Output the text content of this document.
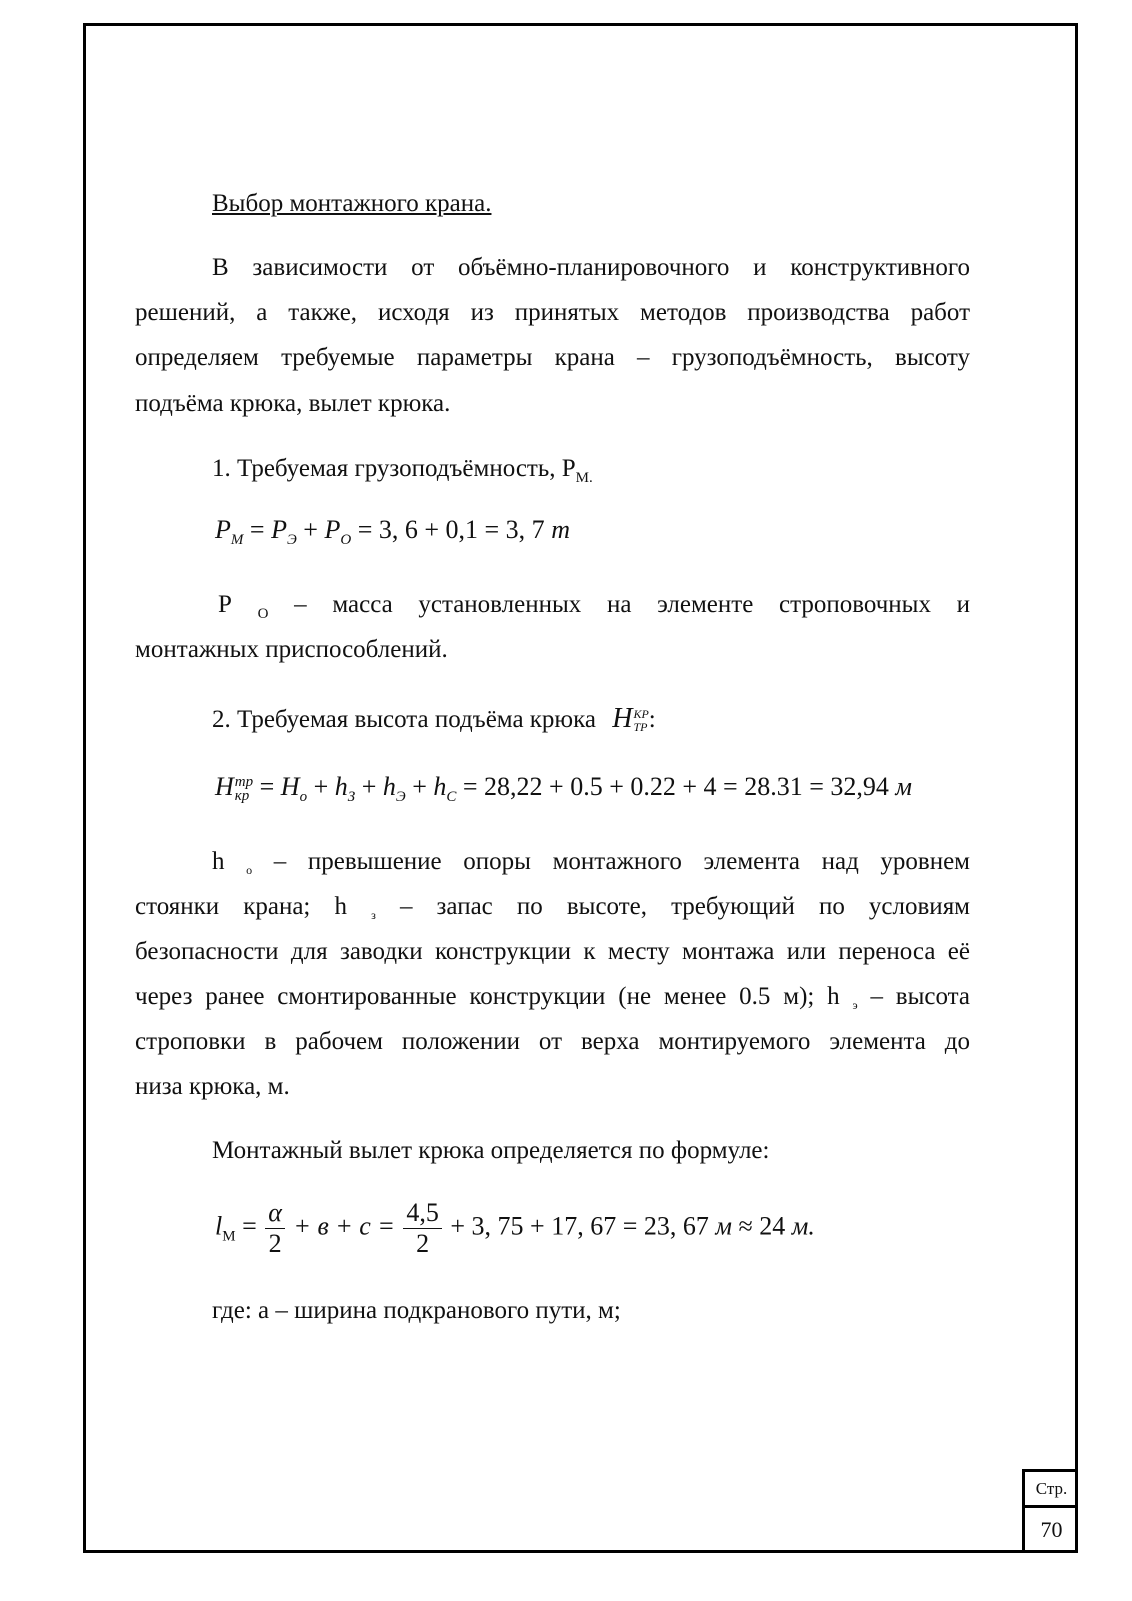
Выбор монтажного крана.
В зависимости от объёмно-планировочного и конструктивного
решений, а также, исходя из принятых методов производства работ
определяем требуемые параметры крана – грузоподъёмность, высоту
подъёма крюка, вылет крюка.
1. Требуемая грузоподъёмность, $Р_{М.}$
$P_M = P_Э + P_O = 3$, 6 + 0,1 = 3, 7 т
Р $_О$ – масса установленных на элементе строповочных и
монтажных приспособлений.
2. Требуемая высота подъёма крюка H КР
ТР :
H тр
кр = $H_о + h_З + h_Э + h_С = 28,22 + 0.5 + 0.22 + 4 = 28.31 = 32,94$ м
h $_о$ – превышение опоры монтажного элемента над уровнем
стоянки крана; h $_з$ – запас по высоте, требующий по условиям
безопасности для заводки конструкции к месту монтажа или переноса её
через ранее смонтированные конструкции (не менее 0.5 м); h $_э$ – высота
строповки в рабочем положении от верха монтируемого элемента до
низа крюка, м.
Монтажный вылет крюка определяется по формуле:
$l_М = \frac{\alpha}{2} + в + с = \frac{4,5}{2} + 3$, 75 + 17, 67 = 23, 67 м ≈ 24 м.
где: а – ширина подкранового пути, м;
Стр.
70
